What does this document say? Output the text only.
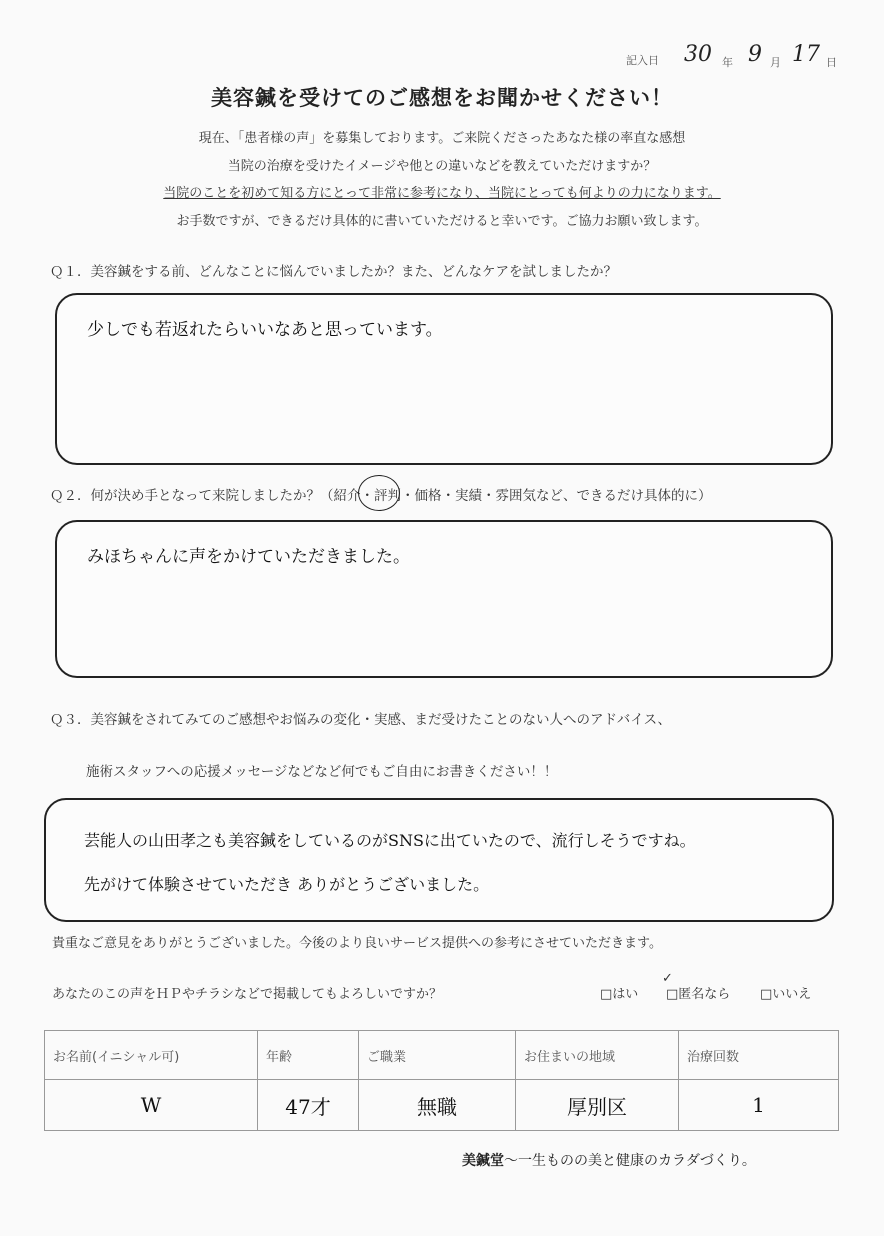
記入日 30 年 9 月 17 日
美容鍼を受けてのご感想をお聞かせください！
現在、「患者様の声」を募集しております。ご来院くださったあなた様の率直な感想
当院の治療を受けたイメージや他との違いなどを教えていただけますか？
当院のことを初めて知る方にとって非常に参考になり、当院にとっても何よりの力になります。
お手数ですが、できるだけ具体的に書いていただけると幸いです。ご協力お願い致します。
Ｑ１．美容鍼をする前、どんなことに悩んでいましたか？また、どんなケアを試しましたか？
少しでも若返れたらいいなあと思っています。
Ｑ２．何が決め手となって来院しましたか？（紹介・評判・価格・実績・雰囲気など、できるだけ具体的に）
みほちゃんに声をかけていただきました。
Ｑ３．美容鍼をされてみてのご感想やお悩みの変化・実感、まだ受けたことのない人へのアドバイス、
施術スタッフへの応援メッセージなどなど何でもご自由にお書きください！！
芸能人の山田孝之も美容鍼をしているのがSNSに出ていたので、流行しそうですね。
先がけて体験させていただき ありがとうございました。
貴重なご意見をありがとうございました。今後のより良いサービス提供への参考にさせていただきます。
あなたのこの声をＨＰやチラシなどで掲載してもよろしいですか？	□はい □匿名なら □いいえ
✓
お名前(イニシャル可)	年齢	ご職業	お住まいの地域	治療回数
W	47才	無職	厚別区	1
美鍼堂〜一生ものの美と健康のカラダづくり。
